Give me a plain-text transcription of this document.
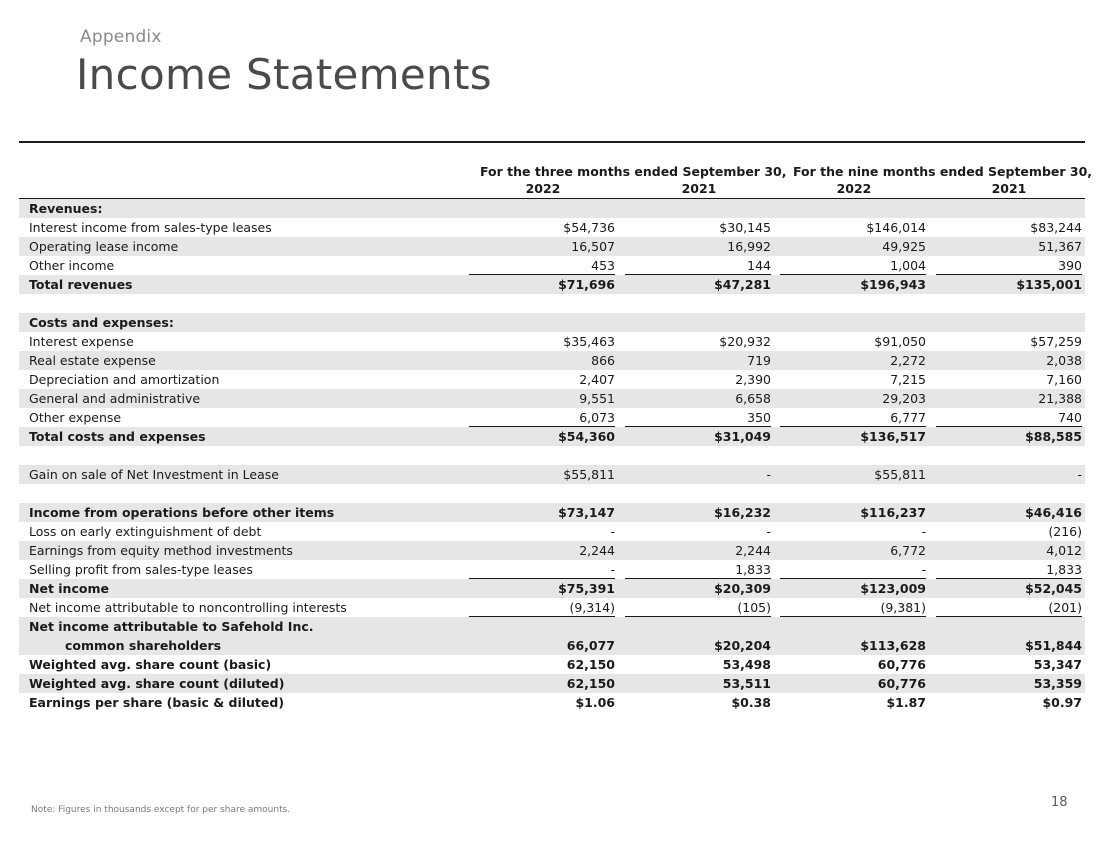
Appendix
Income Statements
For the three months ended September 30, For the nine months ended September 30,
2022	2021	2022	2021
Revenues:
Interest income from sales-type leases	$54,736	$30,145	$146,014	$83,244
Operating lease income	16,507	16,992	49,925	51,367
Other income	453	144	1,004	390
Total revenues	$71,696	$47,281	$196,943	$135,001
Costs and expenses:
Interest expense	$35,463	$20,932	$91,050	$57,259
Real estate expense	866	719	2,272	2,038
Depreciation and amortization	2,407	2,390	7,215	7,160
General and administrative	9,551	6,658	29,203	21,388
Other expense	6,073	350	6,777	740
Total costs and expenses	$54,360	$31,049	$136,517	$88,585
Gain on sale of Net Investment in Lease	$55,811	-	$55,811	-
Income from operations before other items	$73,147	$16,232	$116,237	$46,416
Loss on early extinguishment of debt	-	-	-	(216)
Earnings from equity method investments	2,244	2,244	6,772	4,012
Selling profit from sales-type leases	-	1,833	-	1,833
Net income	$75,391	$20,309	$123,009	$52,045
Net income attributable to noncontrolling interests	(9,314)	(105)	(9,381)	(201)
Net income attributable to Safehold Inc.
common shareholders	66,077	$20,204	$113,628	$51,844
Weighted avg. share count (basic)	62,150	53,498	60,776	53,347
Weighted avg. share count (diluted)	62,150	53,511	60,776	53,359
Earnings per share (basic & diluted)	$1.06	$0.38	$1.87	$0.97
Note: Figures in thousands except for per share amounts.	18
